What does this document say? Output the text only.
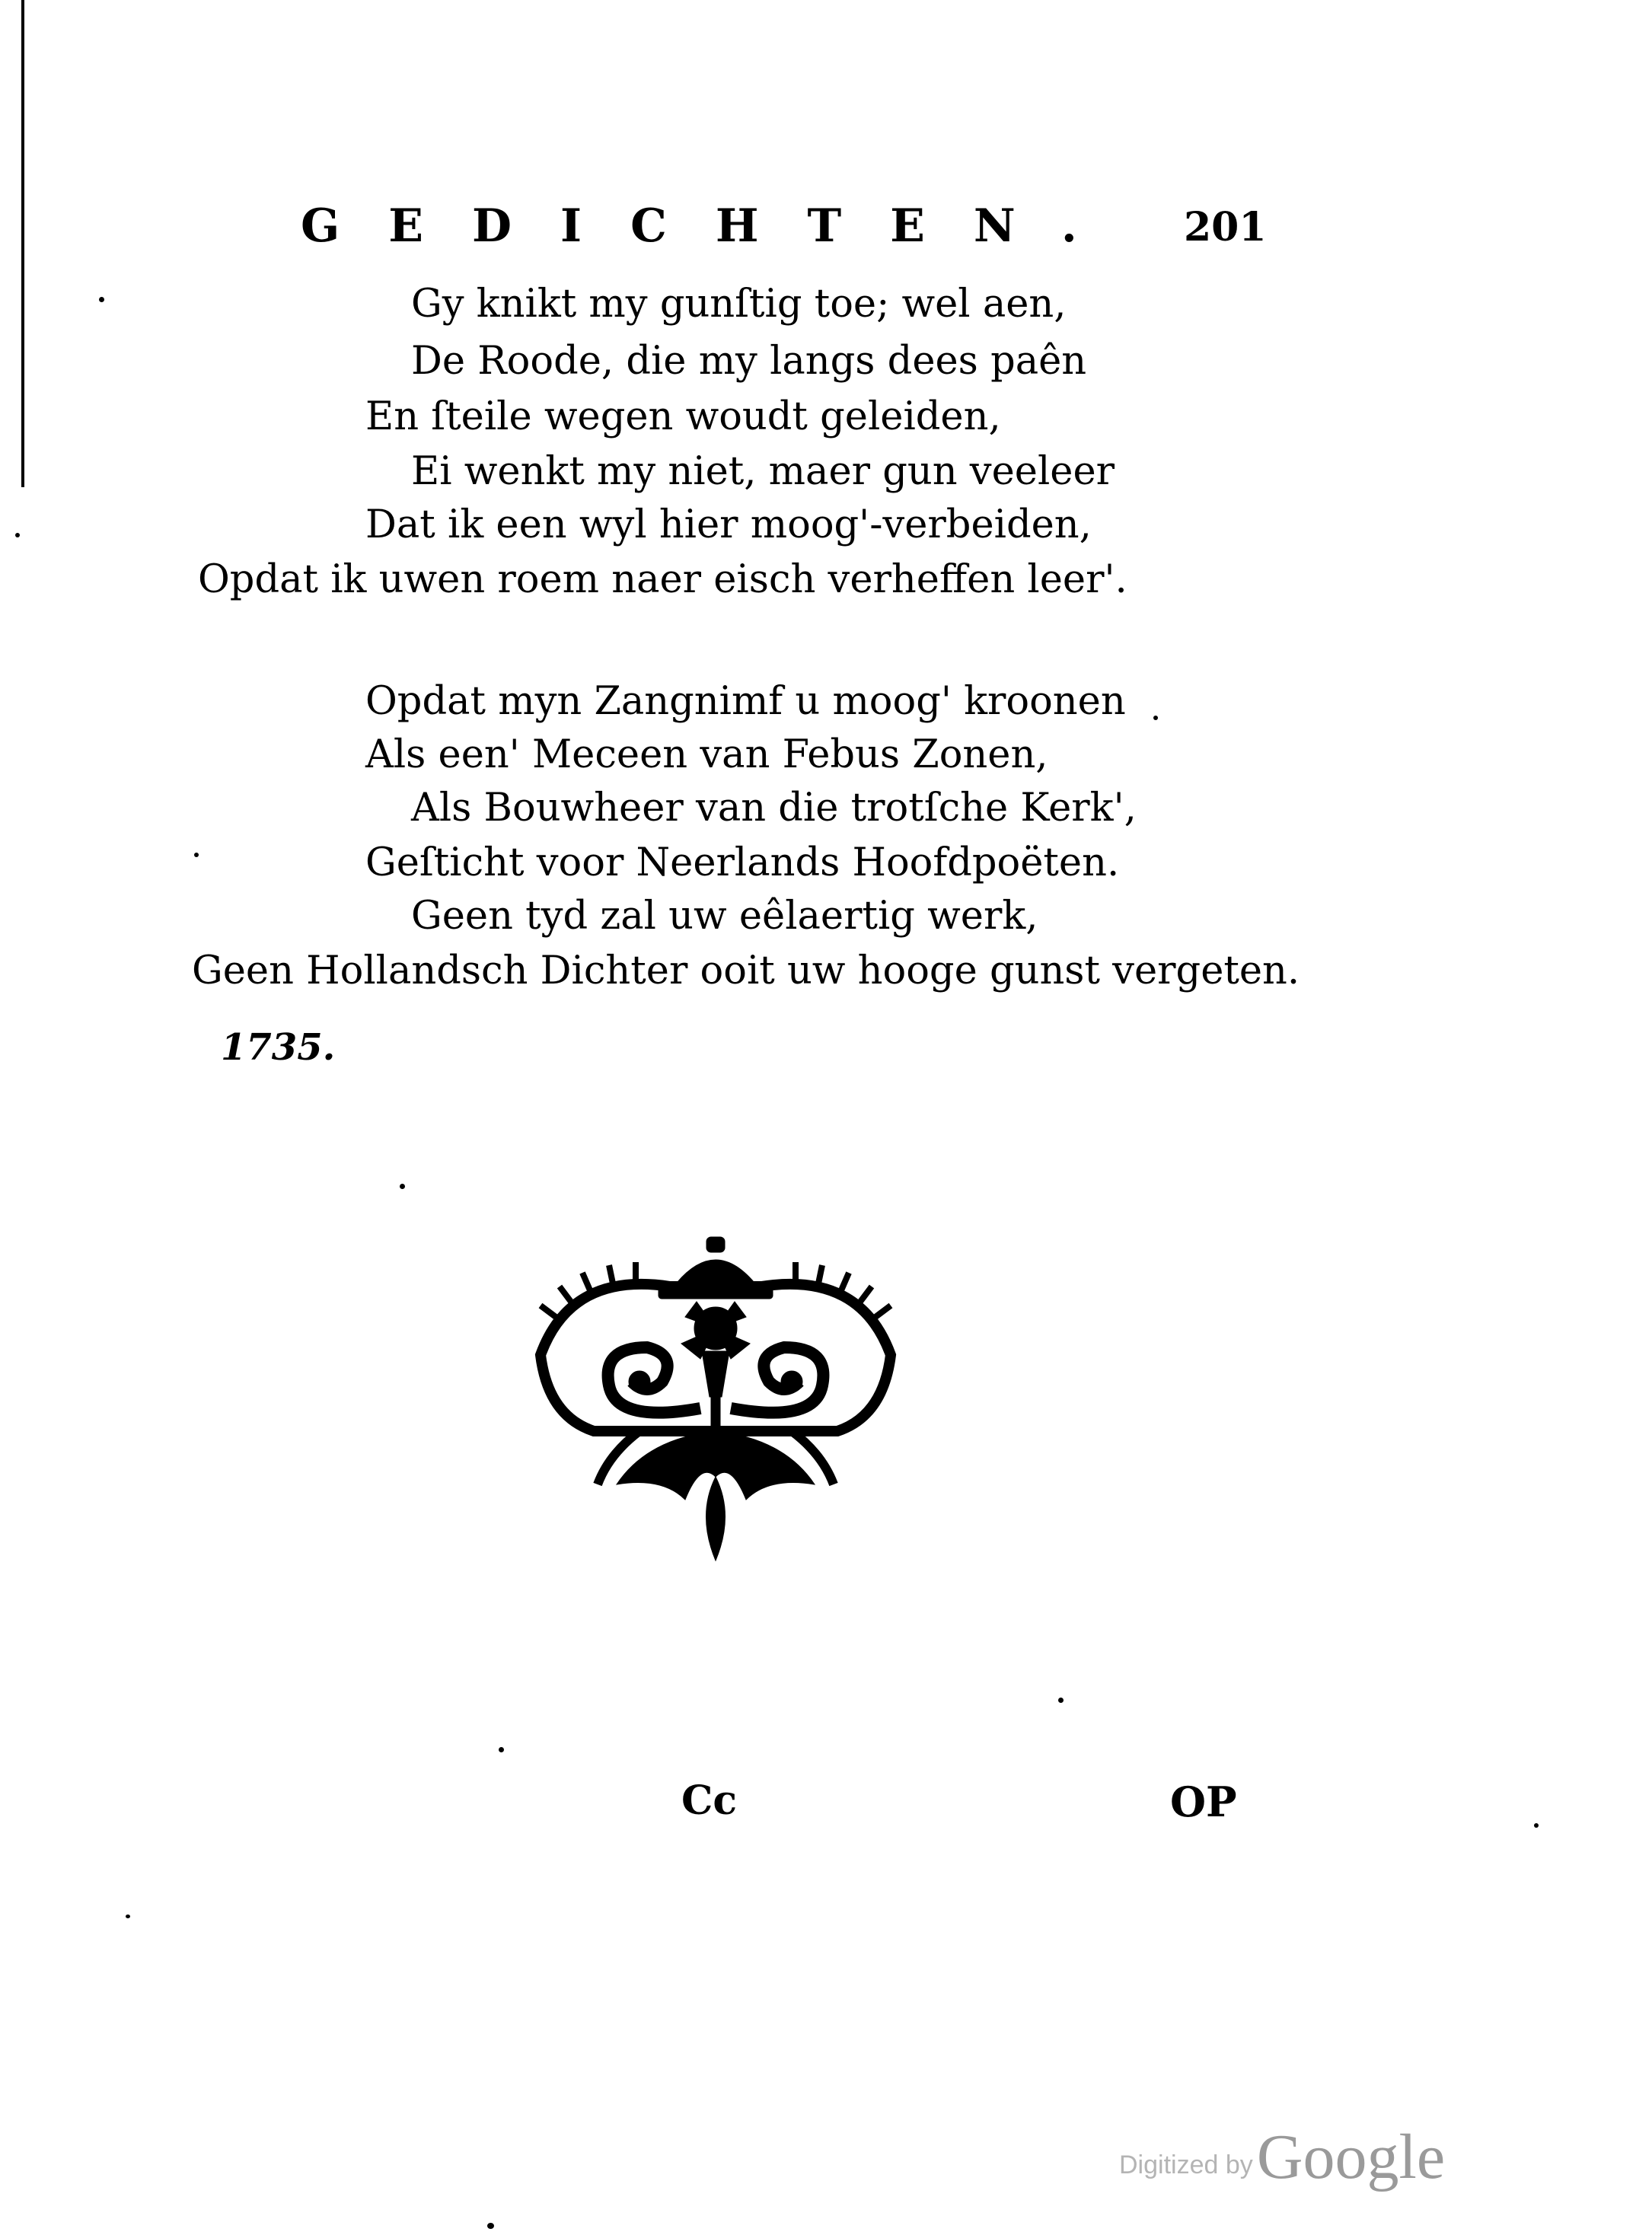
GEDICHTEN.	201
Gy knikt my gunſtig toe; wel aen,
De Roode, die my langs dees paên
En ſteile wegen woudt geleiden,
Ei wenkt my niet, maer gun veeleer
Dat ik een wyl hier moog'-verbeiden,
Opdat ik uwen roem naer eisch verheffen leer'.
Opdat myn Zangnimf u moog' kroonen
Als een' Meceen van Febus Zonen,
Als Bouwheer van die trotſche Kerk',
Geſticht voor Neerlands Hoofdpoëten.
Geen tyd zal uw eêlaertig werk,
Geen Hollandsch Dichter ooit uw hooge gunst vergeten.
1735.
Cc	OP
Digitized by Google
